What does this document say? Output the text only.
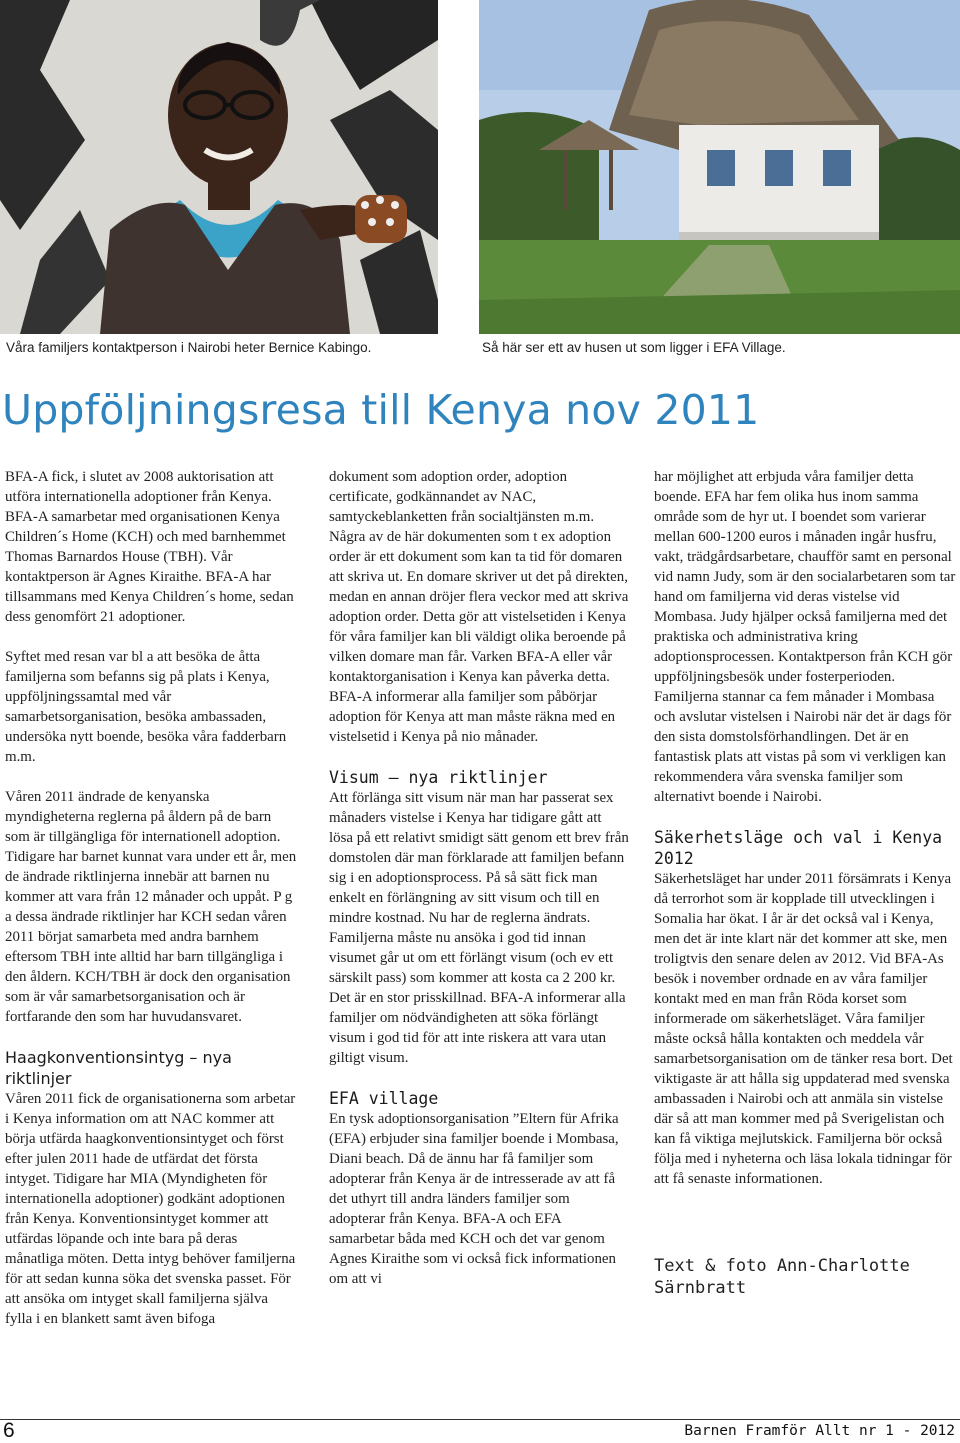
Våra familjers kontaktperson i Nairobi heter Bernice Kabingo.	Så här ser ett av husen ut som ligger i EFA Village.
Uppföljningsresa till Kenya nov 2011

BFA-A fick, i slutet av 2008 auktorisation att utföra internationella adoptioner från Kenya. BFA-A samarbetar med organisationen Kenya Children´s Home (KCH) och med barnhemmet Thomas Barnardos House (TBH). Vår kontaktperson är Agnes Kiraithe. BFA-A har tillsammans med Kenya Children´s home, sedan dess genomfört 21 adoptioner.

Syftet med resan var bl a att besöka de åtta familjerna som befanns sig på plats i Kenya, uppföljningssamtal med vår samarbetsorganisation, besöka ambassaden, undersöka nytt boende, besöka våra fadderbarn m.m.

Våren 2011 ändrade de kenyanska myndigheterna reglerna på åldern på de barn som är tillgängliga för internationell adoption. Tidigare har barnet kunnat vara under ett år, men de ändrade riktlinjerna innebär att barnen nu kommer att vara från 12 månader och uppåt. P g a dessa ändrade riktlinjer har KCH sedan våren 2011 börjat samarbeta med andra barnhem eftersom TBH inte alltid har barn tillgängliga i den åldern. KCH/TBH är dock den organisation som är vår samarbetsorganisation och är fortfarande den som har huvudansvaret.

Haagkonventionsintyg – nya riktlinjer

Våren 2011 fick de organisationerna som arbetar i Kenya information om att NAC kommer att börja utfärda haagkonventionsintyget och först efter julen 2011 hade de utfärdat det första intyget. Tidigare har MIA (Myndigheten för internationella adoptioner) godkänt adoptionen från Kenya. Konventionsintyget kommer att utfärdas löpande och inte bara på deras månatliga möten. Detta intyg behöver familjerna för att sedan kunna söka det svenska passet. För att ansöka om intyget skall familjerna själva fylla i en blankett samt även bifoga

dokument som adoption order, adoption certificate, godkännandet av NAC, samtyckeblanketten från socialtjänsten m.m. Några av de här dokumenten som t ex adoption order är ett dokument som kan ta tid för domaren att skriva ut. En domare skriver ut det på direkten, medan en annan dröjer flera veckor med att skriva adoption order. Detta gör att vistelsetiden i Kenya för våra familjer kan bli väldigt olika beroende på vilken domare man får. Varken BFA-A eller vår kontaktorganisation i Kenya kan påverka detta. BFA-A informerar alla familjer som påbörjar adoption för Kenya att man måste räkna med en vistelsetid i Kenya på nio månader.

Visum – nya riktlinjer

Att förlänga sitt visum när man har passerat sex månaders vistelse i Kenya har tidigare gått att lösa på ett relativt smidigt sätt genom ett brev från domstolen där man förklarade att familjen befann sig i en adoptionsprocess. På så sätt fick man enkelt en förlängning av sitt visum och till en mindre kostnad. Nu har de reglerna ändrats. Familjerna måste nu ansöka i god tid innan visumet går ut om ett förlängt visum (och ev ett särskilt pass) som kommer att kosta ca 2 200 kr. Det är en stor prisskillnad. BFA-A informerar alla familjer om nödvändigheten att söka förlängt visum i god tid för att inte riskera att vara utan giltigt visum.

EFA village

En tysk adoptionsorganisation ”Eltern für Afrika (EFA) erbjuder sina familjer boende i Mombasa, Diani beach. Då de ännu har få familjer som adopterar från Kenya är de intresserade av att få det uthyrt till andra länders familjer som adopterar från Kenya. BFA-A och EFA samarbetar båda med KCH och det var genom Agnes Kiraithe som vi också fick informationen om att vi

har möjlighet att erbjuda våra familjer detta boende. EFA har fem olika hus inom samma område som de hyr ut. I boendet som varierar mellan 600-1200 euros i månaden ingår husfru, vakt, trädgårdsarbetare, chaufför samt en personal vid namn Judy, som är den socialarbetaren som tar hand om familjerna vid deras vistelse vid Mombasa. Judy hjälper också familjerna med det praktiska och administrativa kring adoptionsprocessen. Kontaktperson från KCH gör uppföljningsbesök under fosterperioden. Familjerna stannar ca fem månader i Mombasa och avslutar vistelsen i Nairobi när det är dags för den sista domstolsförhandlingen. Det är en fantastisk plats att vistas på som vi verkligen kan rekommendera våra svenska familjer som alternativt boende i Nairobi.

Säkerhetsläge och val i Kenya 2012

Säkerhetsläget har under 2011 försämrats i Kenya då terrorhot som är kopplade till utvecklingen i Somalia har ökat. I år är det också val i Kenya, men det är inte klart när det kommer att ske, men troligtvis den senare delen av 2012. Vid BFA-As besök i november ordnade en av våra familjer kontakt med en man från Röda korset som informerade om säkerhetsläget. Våra familjer måste också hålla kontakten och meddela vår samarbetsorganisation om de tänker resa bort. Det viktigaste är att hålla sig uppdaterad med svenska ambassaden i Nairobi och att anmäla sin vistelse där så att man kommer med på Sverigelistan och kan få viktiga mejlutskick. Familjerna bör också följa med i nyheterna och läsa lokala tidningar för att få senaste informationen.

Text & foto Ann-Charlotte Särnbratt
6	Barnen Framför Allt nr 1 - 2012
